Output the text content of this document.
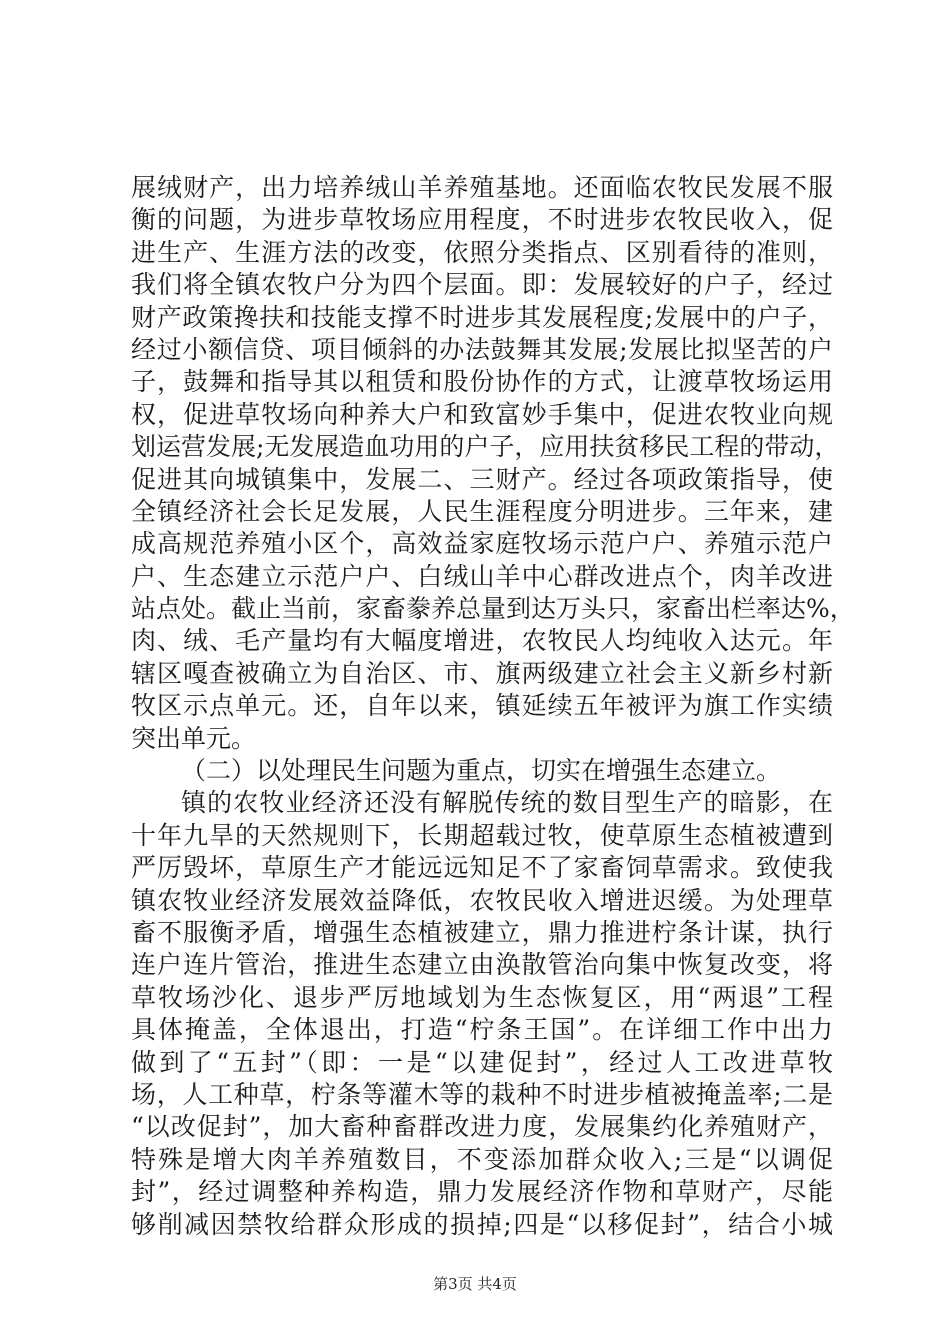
展绒财产，出力培养绒山羊养殖基地。还面临农牧民发展不服
衡的问题，为进步草牧场应用程度，不时进步农牧民收入，促
进生产、生涯方法的改变，依照分类指点、区别看待的准则，
我们将全镇农牧户分为四个层面。即：发展较好的户子，经过
财产政策搀扶和技能支撑不时进步其发展程度;发展中的户子，
经过小额信贷、项目倾斜的办法鼓舞其发展;发展比拟坚苦的户
子，鼓舞和指导其以租赁和股份协作的方式，让渡草牧场运用
权，促进草牧场向种养大户和致富妙手集中，促进农牧业向规
划运营发展;无发展造血功用的户子，应用扶贫移民工程的带动，
促进其向城镇集中，发展二、三财产。经过各项政策指导，使
全镇经济社会长足发展，人民生涯程度分明进步。三年来，建
成高规范养殖小区个，高效益家庭牧场示范户户、养殖示范户
户、生态建立示范户户、白绒山羊中心群改进点个，肉羊改进
站点处。截止当前，家畜豢养总量到达万头只，家畜出栏率达%，
肉、绒、毛产量均有大幅度增进，农牧民人均纯收入达元。年
辖区嘎查被确立为自治区、市、旗两级建立社会主义新乡村新
牧区示点单元。还，自年以来，镇延续五年被评为旗工作实绩
突出单元。
（二）以处理民生问题为重点，切实在增强生态建立。
镇的农牧业经济还没有解脱传统的数目型生产的暗影，在
十年九旱的天然规则下，长期超载过牧，使草原生态植被遭到
严厉毁坏，草原生产才能远远知足不了家畜饲草需求。致使我
镇农牧业经济发展效益降低，农牧民收入增进迟缓。为处理草
畜不服衡矛盾，增强生态植被建立，鼎力推进柠条计谋，执行
连户连片管治，推进生态建立由涣散管治向集中恢复改变，将
草牧场沙化、退步严厉地域划为生态恢复区，用“两退”工程
具体掩盖，全体退出，打造“柠条王国”。在详细工作中出力
做到了“五封”（即：一是“以建促封”，经过人工改进草牧
场，人工种草，柠条等灌木等的栽种不时进步植被掩盖率;二是
“以改促封”，加大畜种畜群改进力度，发展集约化养殖财产，
特殊是增大肉羊养殖数目，不变添加群众收入;三是“以调促
封”，经过调整种养构造，鼎力发展经济作物和草财产，尽能
够削减因禁牧给群众形成的损掉;四是“以移促封”，结合小城
第3页 共4页
